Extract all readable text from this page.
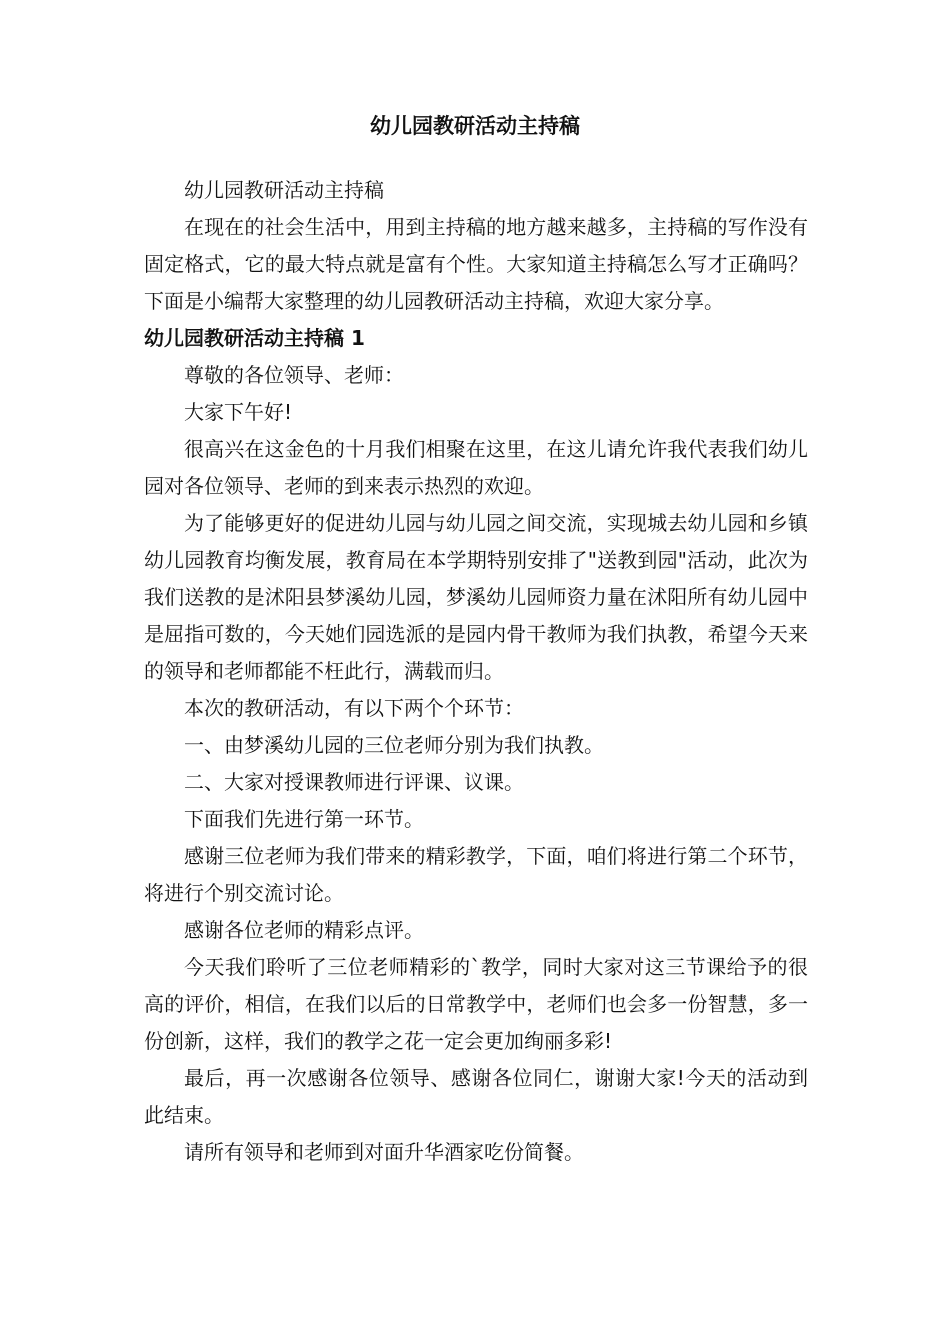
幼儿园教研活动主持稿

幼儿园教研活动主持稿

在现在的社会生活中，用到主持稿的地方越来越多，主持稿的写作没有固定格式，它的最大特点就是富有个性。大家知道主持稿怎么写才正确吗？下面是小编帮大家整理的幼儿园教研活动主持稿，欢迎大家分享。

幼儿园教研活动主持稿 1

尊敬的各位领导、老师：

大家下午好!

很高兴在这金色的十月我们相聚在这里，在这儿请允许我代表我们幼儿园对各位领导、老师的到来表示热烈的欢迎。

为了能够更好的促进幼儿园与幼儿园之间交流，实现城去幼儿园和乡镇幼儿园教育均衡发展，教育局在本学期特别安排了"送教到园"活动，此次为我们送教的是沭阳县梦溪幼儿园，梦溪幼儿园师资力量在沭阳所有幼儿园中是屈指可数的，今天她们园选派的是园内骨干教师为我们执教，希望今天来的领导和老师都能不枉此行，满载而归。

本次的教研活动，有以下两个个环节：

一、由梦溪幼儿园的三位老师分别为我们执教。

二、大家对授课教师进行评课、议课。

下面我们先进行第一环节。

感谢三位老师为我们带来的精彩教学，下面，咱们将进行第二个环节，将进行个别交流讨论。

感谢各位老师的精彩点评。

今天我们聆听了三位老师精彩的`教学，同时大家对这三节课给予的很高的评价，相信，在我们以后的日常教学中，老师们也会多一份智慧，多一份创新，这样，我们的教学之花一定会更加绚丽多彩!

最后，再一次感谢各位领导、感谢各位同仁，谢谢大家!今天的活动到此结束。

请所有领导和老师到对面升华酒家吃份简餐。
